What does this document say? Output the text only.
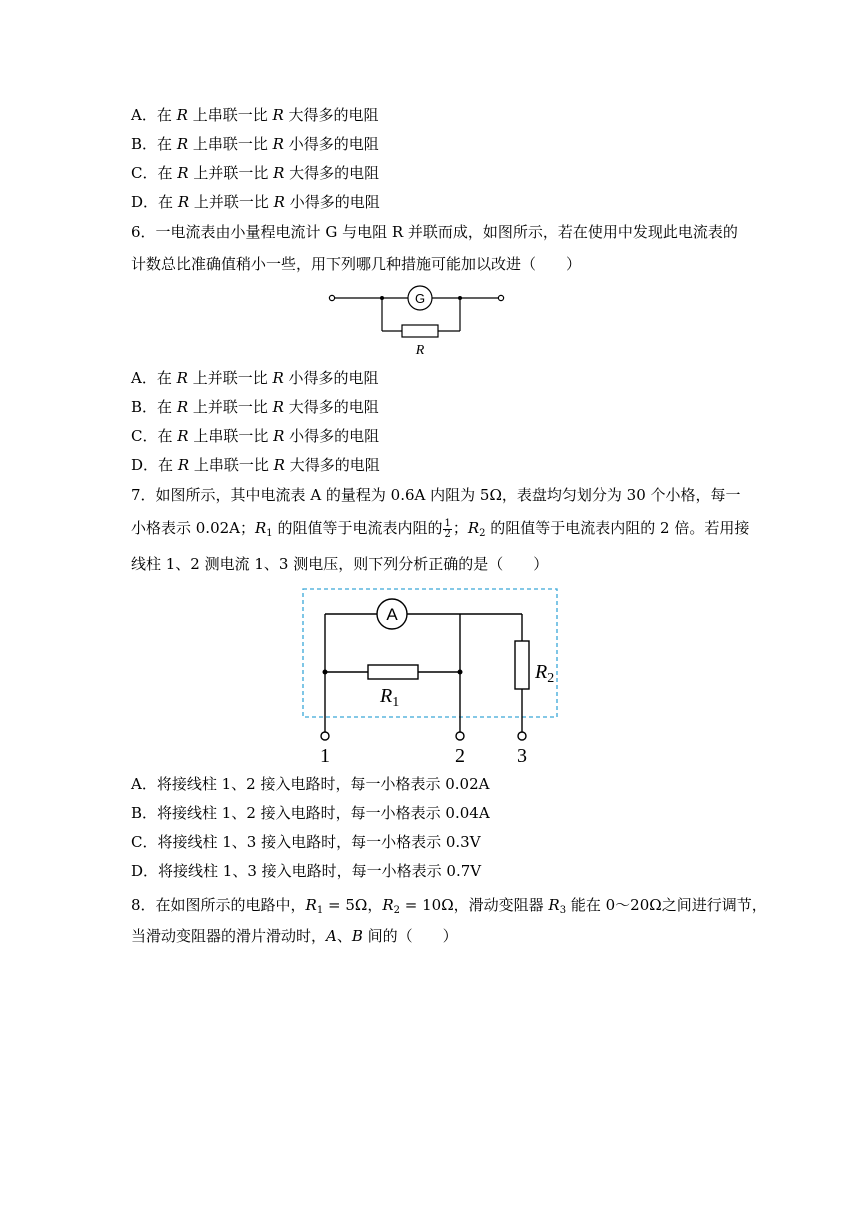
A．在 R 上串联一比 R 大得多的电阻
B．在 R 上串联一比 R 小得多的电阻
C．在 R 上并联一比 R 大得多的电阻
D．在 R 上并联一比 R 小得多的电阻
6．一电流表由小量程电流计 G 与电阻 R 并联而成，如图所示，若在使用中发现此电流表的
计数总比准确值稍小一些，用下列哪几种措施可能加以改进（　　）
G
R
A．在 R 上并联一比 R 小得多的电阻
B．在 R 上并联一比 R 大得多的电阻
C．在 R 上串联一比 R 小得多的电阻
D．在 R 上串联一比 R 大得多的电阻
7．如图所示，其中电流表 A 的量程为 0.6A 内阻为 5Ω，表盘均匀划分为 30 个小格，每一
小格表示 0.02A；$R_1$ 的阻值等于电流表内阻的 $\frac{1}{2}$ ；$R_2$ 的阻值等于电流表内阻的 2 倍。若用接
线柱 1、2 测电流 1、3 测电压，则下列分析正确的是（　　）
A
$R_1$
$R_2$
1	2	3
A．将接线柱 1、2 接入电路时，每一小格表示 0.02A
B．将接线柱 1、2 接入电路时，每一小格表示 0.04A
C．将接线柱 1、3 接入电路时，每一小格表示 0.3V
D．将接线柱 1、3 接入电路时，每一小格表示 0.7V
8．在如图所示的电路中，$R_1 = 5\Omega$，$R_2 = 10\Omega$，滑动变阻器 $R_3$ 能在 0～20Ω之间进行调节，
当滑动变阻器的滑片滑动时，A、B 间的（　　）
